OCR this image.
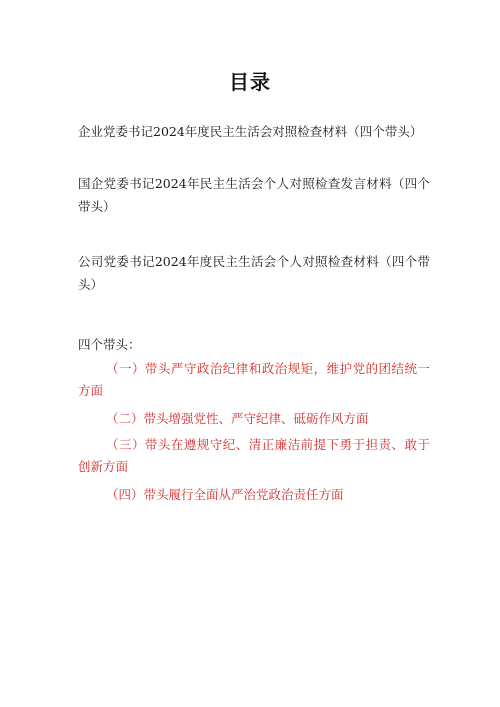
目录
企业党委书记2024年度民主生活会对照检查材料（四个带头）
国企党委书记2024年民主生活会个人对照检查发言材料（四个带头）
公司党委书记2024年度民主生活会个人对照检查材料（四个带头）
四个带头：
（一）带头严守政治纪律和政治规矩，维护党的团结统一方面
（二）带头增强党性、严守纪律、砥砺作风方面
（三）带头在遵规守纪、清正廉洁前提下勇于担责、敢于创新方面
（四）带头履行全面从严治党政治责任方面
